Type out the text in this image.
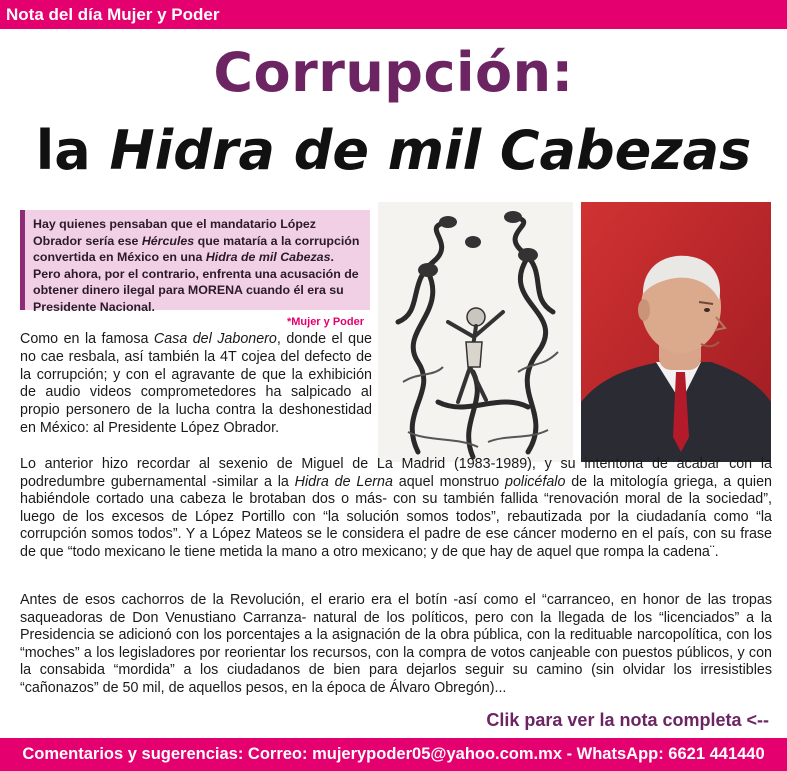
Nota del día Mujer y Poder
Corrupción:
la Hidra de mil Cabezas
Hay quienes pensaban que el mandatario López Obrador sería ese Hércules que mataría a la corrupción convertida en México en una Hidra de mil Cabezas. Pero ahora, por el contrario, enfrenta una acusación de obtener dinero ilegal para MORENA cuando él era su Presidente Nacional.
*Mujer y Poder
Como en la famosa Casa del Jabonero, donde el que no cae resbala, así también la 4T cojea del defecto de la corrupción; y con el agravante de que la exhibición de audio videos comprometedores ha salpicado al propio personero de la lucha contra la deshonestidad en México: al Presidente López Obrador.
Lo anterior hizo recordar al sexenio de Miguel de La Madrid (1983-1989), y su intentona de acabar con la podredumbre gubernamental -similar a la Hidra de Lerna aquel monstruo policéfalo de la mitología griega, a quien habiéndole cortado una cabeza le brotaban dos o más- con su también fallida “renovación moral de la sociedad”, luego de los excesos de López Portillo con “la solución somos todos”, rebautizada por la ciudadanía como “la corrupción somos todos”. Y a López Mateos se le considera el padre de ese cáncer moderno en el país, con su frase de que “todo mexicano le tiene metida la mano a otro mexicano; y de que hay de aquel que rompa la cadena¨.
Antes de esos cachorros de la Revolución, el erario era el botín -así como el “carranceo, en honor de las tropas saqueadoras de Don Venustiano Carranza- natural de los políticos, pero con la llegada de los “licenciados” a la Presidencia se adicionó con los porcentajes a la asignación de la obra pública, con la redituable narcopolítica, con los “moches” a los legisladores por reorientar los recursos, con la compra de votos canjeable con puestos públicos, y con la consabida “mordida” a los ciudadanos de bien para dejarlos seguir su camino (sin olvidar los irresistibles “cañonazos” de 50 mil, de aquellos pesos, en la época de Álvaro Obregón)...
Clik para ver la nota completa <--
Comentarios y sugerencias: Correo: mujerypoder05@yahoo.com.mx - WhatsApp: 6621 441440
